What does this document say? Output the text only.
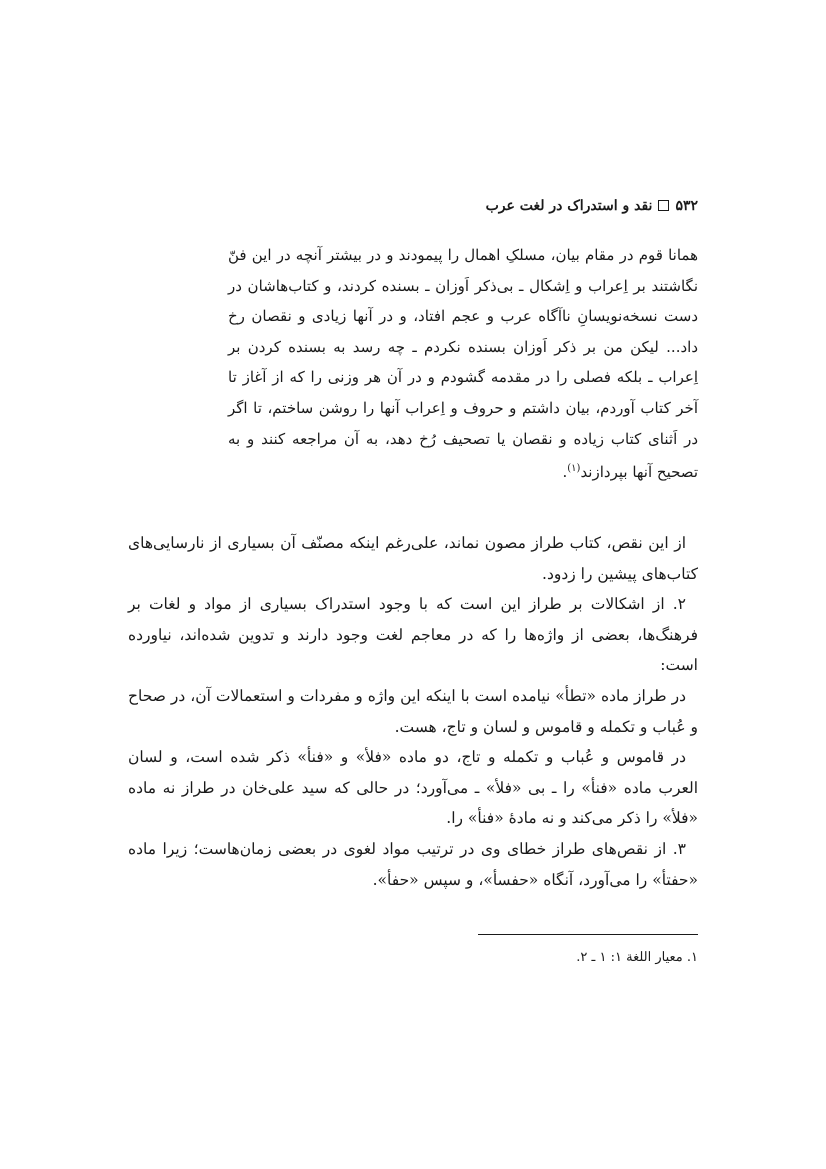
۵۳۲نقد و استدراک در لغت عرب

همانا قوم در مقام بیان، مسلکِ اهمال را پیمودند و در بیشتر آنچه در این فنّ نگاشتند بر اِعراب و اِشکال ـ بی‌ذکر اَوزان ـ بسنده کردند، و کتاب‌هاشان در دست نسخه‌نویسانِ ناآگاه عرب و عجم افتاد، و در آنها زیادی و نقصان رخ داد... لیکن من بر ذکر اَوزان بسنده نکردم ـ چه رسد به بسنده کردن بر اِعراب ـ بلکه فصلی را در مقدمه گشودم و در آن هر وزنی را که از آغاز تا آخر کتاب آوردم، بیان داشتم و حروف و اِعراب آنها را روشن ساختم، تا اگر در اَثنای کتاب زیاده و نقصان یا تصحیف رُخ دهد، به آن مراجعه کنند و به تصحیح آنها بپردازند$^{(۱)}$.

از این نقص، کتاب طراز مصون نماند، علی‌رغم اینکه مصنّف آن بسیاری از نارسایی‌های کتاب‌های پیشین را زدود.

۲. از اشکالات بر طراز این است که با وجود استدراک بسیاری از مواد و لغات بر فرهنگ‌ها، بعضی از واژه‌ها را که در معاجم لغت وجود دارند و تدوین شده‌اند، نیاورده است:

در طراز ماده «تطأ» نیامده است با اینکه این واژه و مفردات و استعمالات آن، در صحاح و عُباب و تکمله و قاموس و لسان و تاج، هست.

در قاموس و عُباب و تکمله و تاج، دو ماده «فلأ» و «فنأ» ذکر شده است، و لسان العرب ماده «فنأ» را ـ بی «فلأ» ـ می‌آورد؛ در حالی که سید علی‌خان در طراز نه ماده «فلأ» را ذکر می‌کند و نه مادهٔ «فنأ» را.

۳. از نقص‌های طراز خطای وی در ترتیب مواد لغوی در بعضی زمان‌هاست؛ زیرا ماده «حفتأ» را می‌آورد، آنگاه «حفسأ»، و سپس «حفأ».

۱. معیار اللغة ۱: ۱ ـ ۲.
